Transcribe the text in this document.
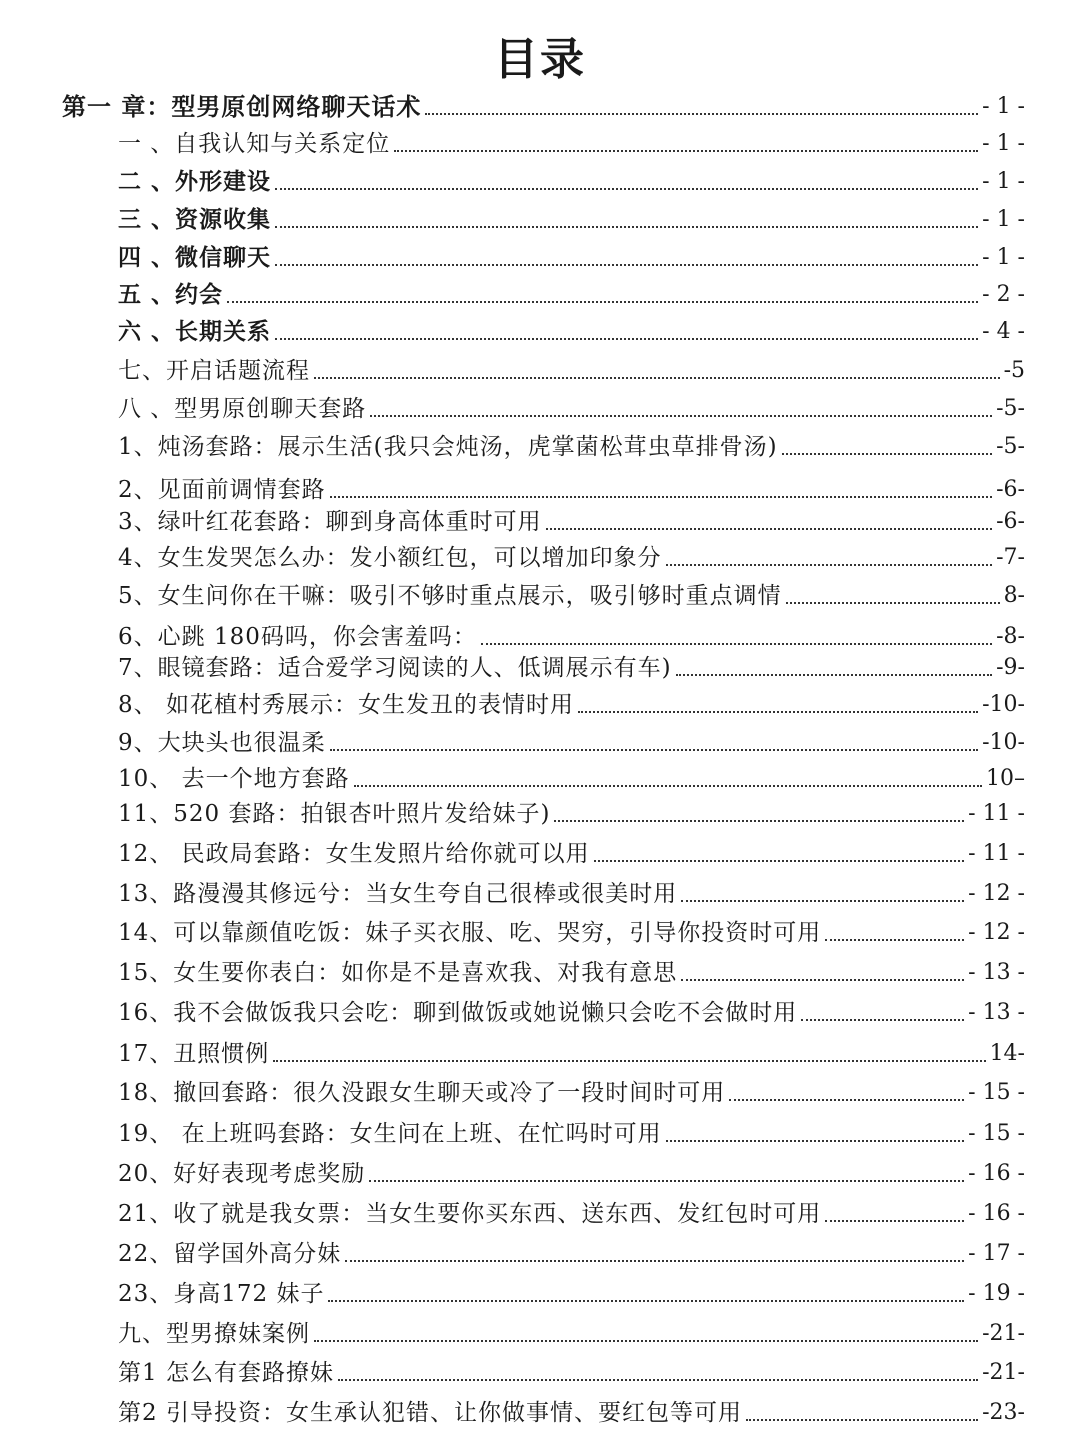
目录
第一 章：型男原创网络聊天话术	- 1 -
一 、自我认知与关系定位	- 1 -
二 、外形建设	- 1 -
三 、资源收集	- 1 -
四 、微信聊天	- 1 -
五 、约会	- 2 -
六 、长期关系	- 4 -
七、开启话题流程	-5
八 、型男原创聊天套路	-5-
1、炖汤套路：展示生活(我只会炖汤，虎掌菌松茸虫草排骨汤)	-5-
2、见面前调情套路	-6-
3、绿叶红花套路：聊到身高体重时可用	-6-
4、女生发哭怎么办：发小额红包，可以增加印象分	-7-
5、女生问你在干嘛：吸引不够时重点展示，吸引够时重点调情	8-
6、心跳 180码吗，你会害羞吗：	-8-
7、眼镜套路：适合爱学习阅读的人、低调展示有车)	-9-
8、 如花植村秀展示：女生发丑的表情时用	-10-
9、大块头也很温柔	-10-
10、 去一个地方套路	10–
11、520 套路：拍银杏叶照片发给妹子)	- 11 -
12、 民政局套路：女生发照片给你就可以用	- 11 -
13、路漫漫其修远兮：当女生夸自己很棒或很美时用	- 12 -
14、可以靠颜值吃饭：妹子买衣服、吃、哭穷，引导你投资时可用	- 12 -
15、女生要你表白：如你是不是喜欢我、对我有意思	- 13 -
16、我不会做饭我只会吃：聊到做饭或她说懒只会吃不会做时用	- 13 -
17、丑照惯例	14-
18、撤回套路：很久没跟女生聊天或冷了一段时间时可用	- 15 -
19、 在上班吗套路：女生问在上班、在忙吗时可用	- 15 -
20、好好表现考虑奖励	- 16 -
21、收了就是我女票：当女生要你买东西、送东西、发红包时可用	- 16 -
22、留学国外高分妹	- 17 -
23、身高172 妹子	- 19 -
九、型男撩妹案例	-21-
第1 怎么有套路撩妹	-21-
第2 引导投资：女生承认犯错、让你做事情、要红包等可用	-23-
